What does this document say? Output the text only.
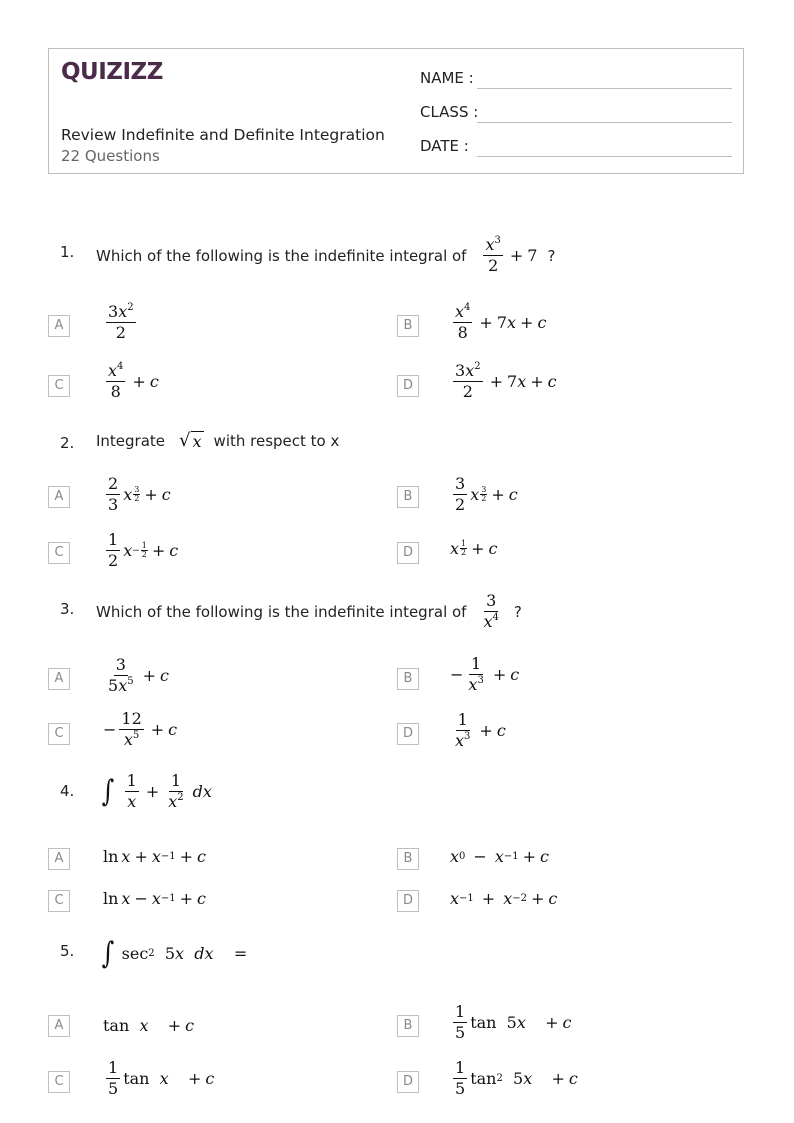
QUIZIZZ
Review Indefinite and Definite Integration
22 Questions
NAME :
CLASS :
DATE :
1. Which of the following is the indefinite integral of $\frac{x^3}{2} + 7$ ?
A	$\frac{3x^2}{2}$	B	$\frac{x^4}{8} + 7$ x + c
C	$\frac{x^4}{8} + c$	D	$\frac{3x^2}{2} + 7$ x + c
2. Integrate √ x with respect to x
A	$\frac{2}{3}$ x 3
2 + c	B	$\frac{3}{2}$ x 3
2 + c
C	$\frac{1}{2}$ $x - \frac{1}{2} + c$	D	x 1
2 + c
3. Which of the following is the indefinite integral of $\frac{3}{x^4}$ ?
A	$\frac{3}{5x^5} + c$	B	− $\frac{1}{x^3} + c$
C	− $\frac{12}{x^5} + c$	D	$\frac{1}{x^3} + c$
4. ∫ $\frac{1}{x} + \frac{1}{x^2}$ dx
A	ln x + x −1 + c	B	x 0 − x −1 + c
C	ln x − x −1 + c	D	x −1 + x −2 + c
5. ∫ sec 2 5 x
dx =
A	tan x
+ c	B	$\frac{1}{5}$ tan  5 x
+ c
C	$\frac{1}{5}$ tan x
+ c	D	$\frac{1}{5}$ tan 2 5 x
+ c
